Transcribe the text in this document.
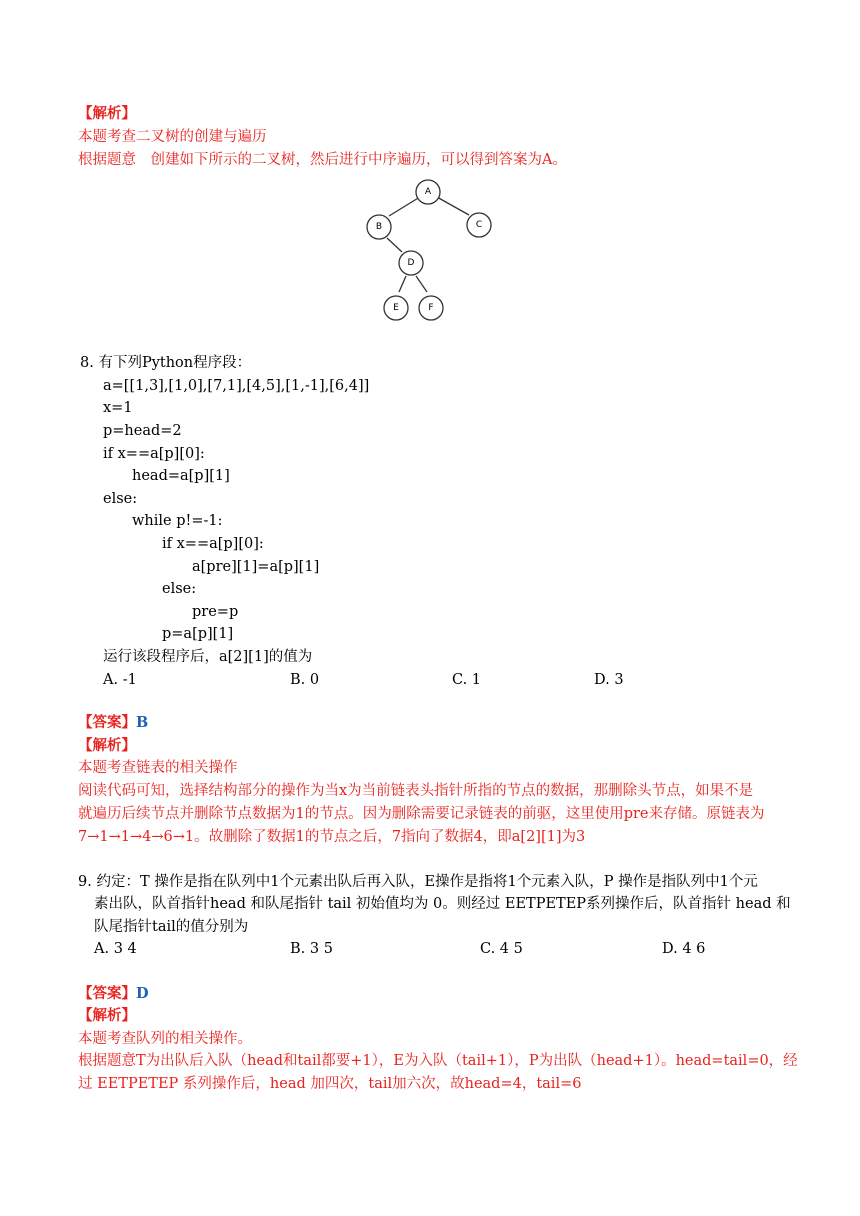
【解析】
本题考查二叉树的创建与遍历
根据题意　创建如下所示的二叉树，然后进行中序遍历，可以得到答案为A。
A
B	C
D
E	F
8. 有下列Python程序段：
a=[[1,3],[1,0],[7,1],[4,5],[1,-1],[6,4]]
x=1
p=head=2
if x==a[p][0]:
head=a[p][1]
else:
while p!=-1:
if x==a[p][0]:
a[pre][1]=a[p][1]
else:
pre=p
p=a[p][1]
运行该段程序后，a[2][1]的值为
A. -1	B. 0	C. 1	D. 3
【答案】B
【解析】
本题考查链表的相关操作
阅读代码可知，选择结构部分的操作为当x为当前链表头指针所指的节点的数据，那删除头节点，如果不是
就遍历后续节点并删除节点数据为1的节点。因为删除需要记录链表的前驱，这里使用pre来存储。原链表为
7→1→1→4→6→1。故删除了数据1的节点之后，7指向了数据4，即a[2][1]为3
9. 约定：T 操作是指在队列中1个元素出队后再入队，E操作是指将1个元素入队，P 操作是指队列中1个元
素出队，队首指针head 和队尾指针 tail 初始值均为 0。则经过 EETPETEP系列操作后，队首指针 head 和
队尾指针tail的值分别为
A. 3 4	B. 3 5	C. 4 5	D. 4 6
【答案】D
【解析】
本题考查队列的相关操作。
根据题意T为出队后入队（head和tail都要+1），E为入队（tail+1），P为出队（head+1）。head=tail=0，经
过 EETPETEP 系列操作后，head 加四次，tail加六次，故head=4，tail=6
